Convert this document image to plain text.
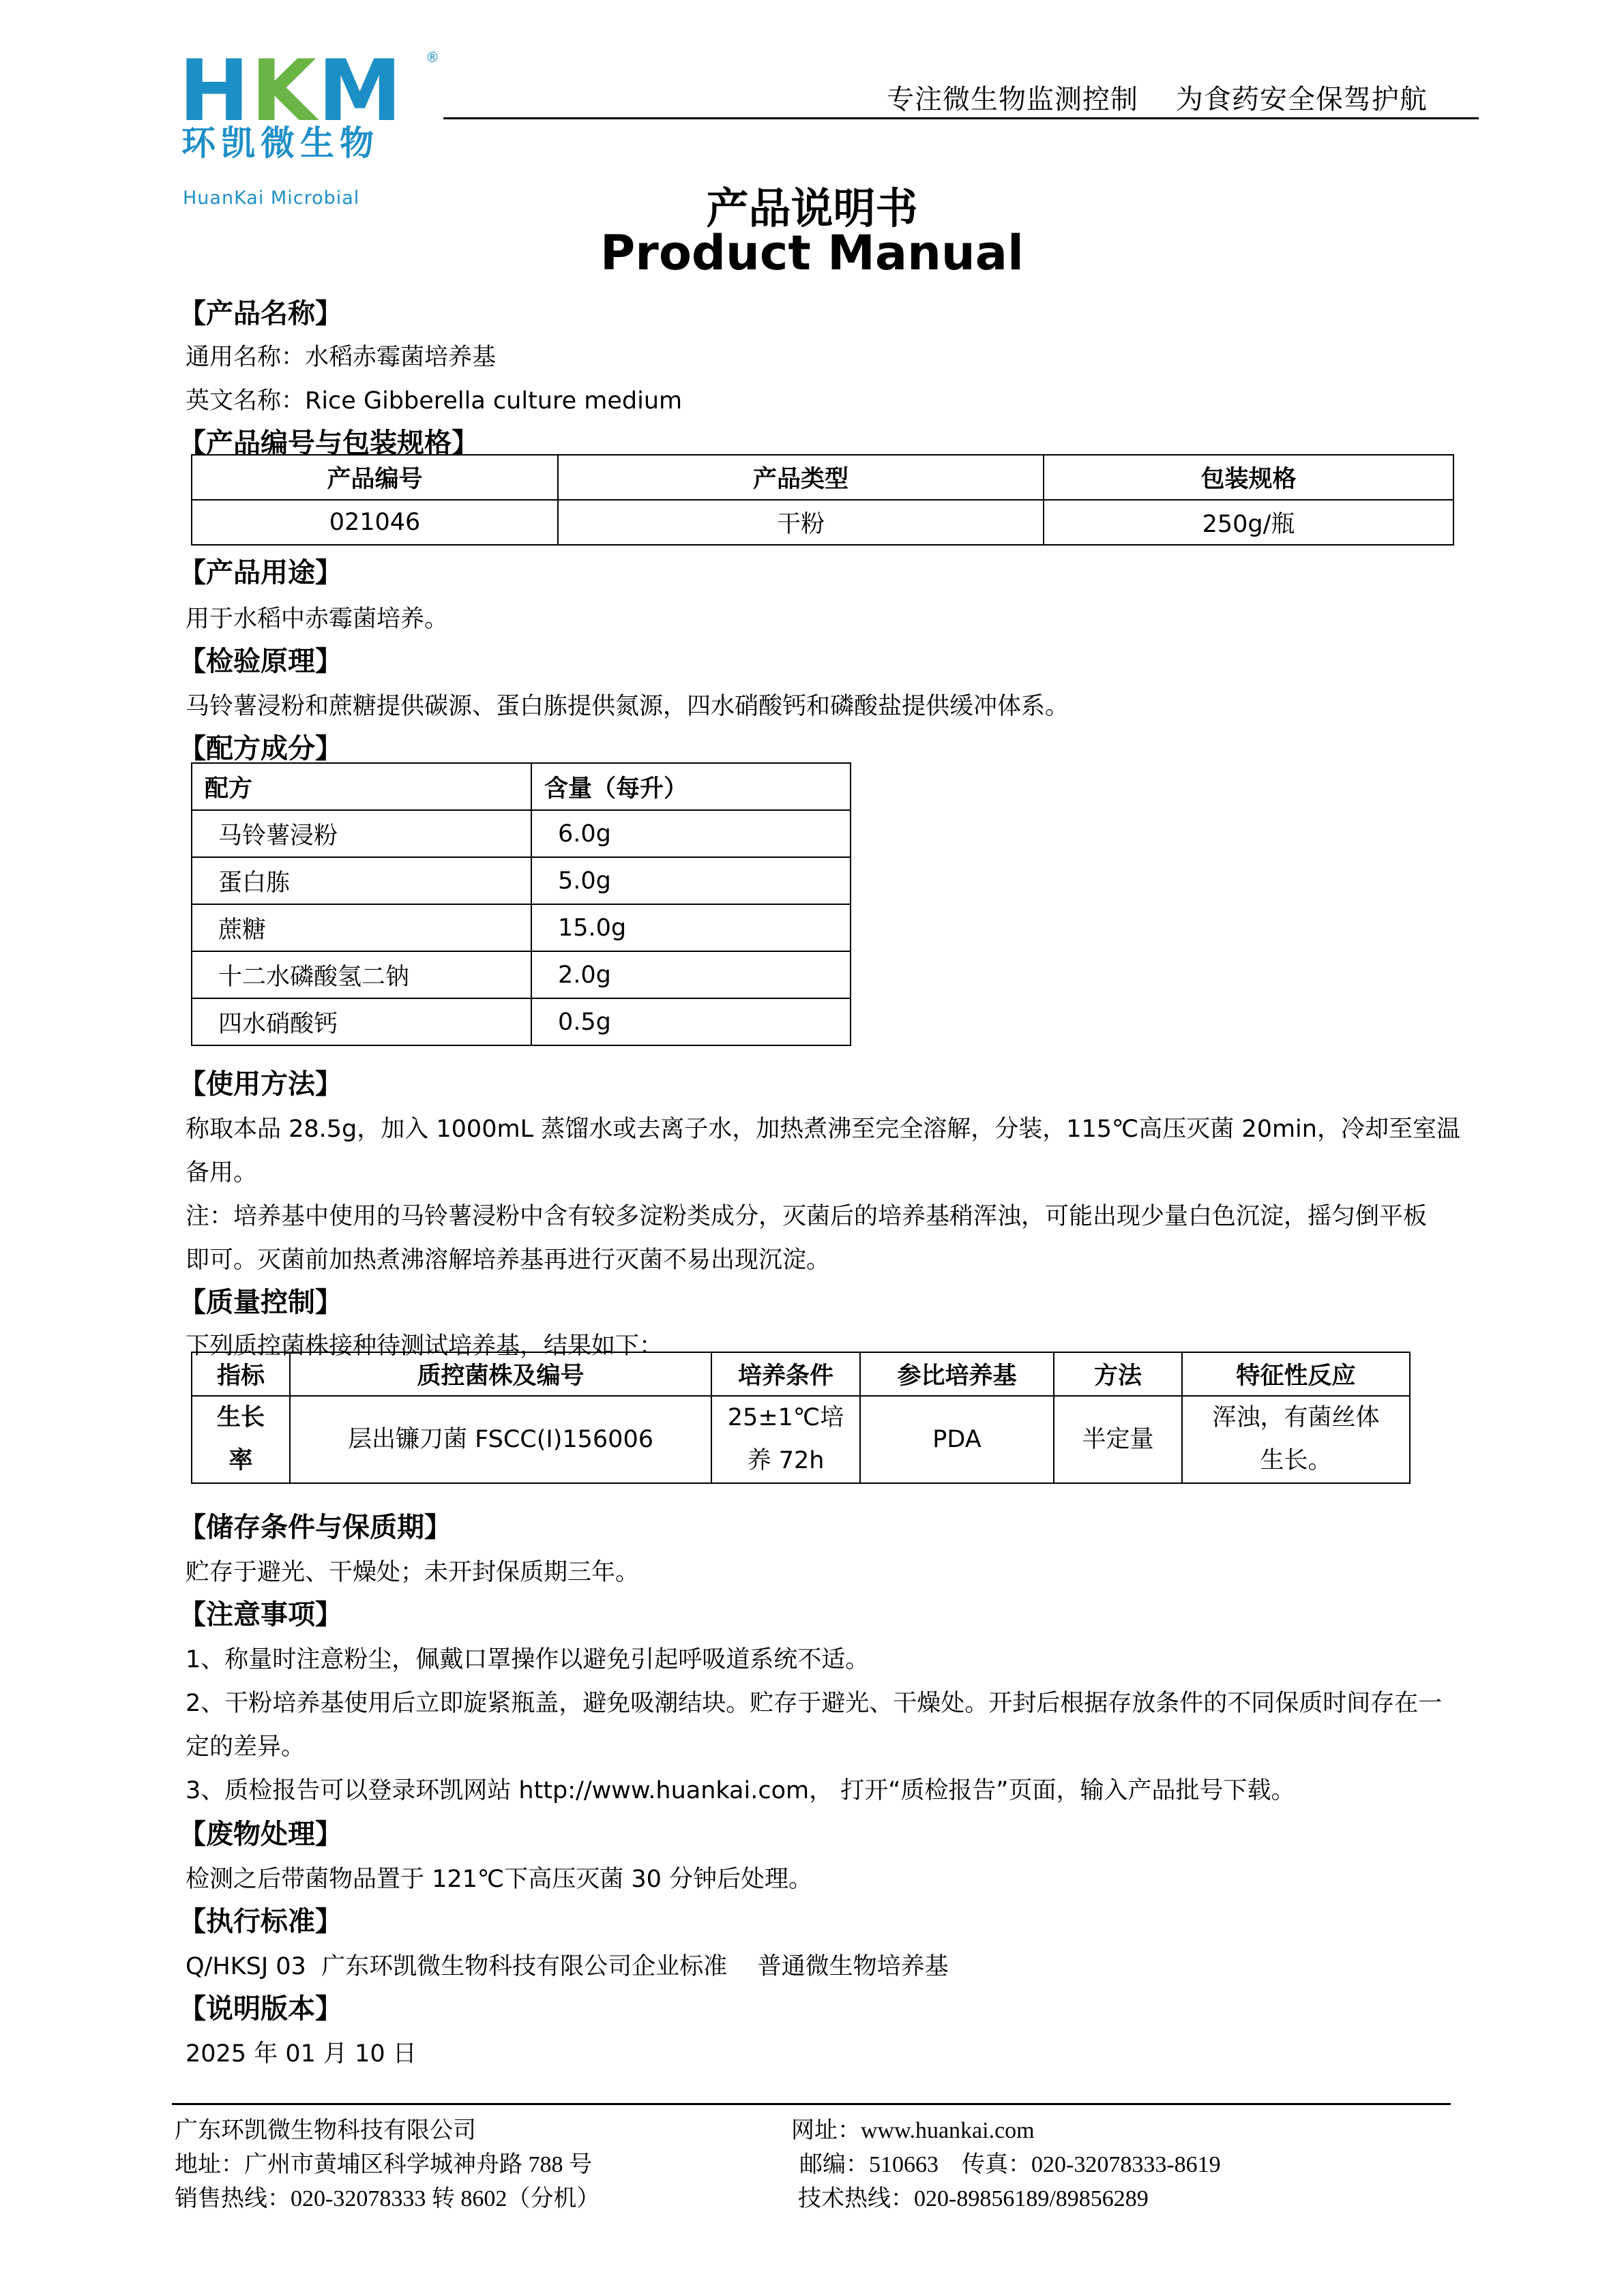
HKM ®
环凯微生物
HuanKai Microbial
专注微生物监测控制    为食药安全保驾护航
产品说明书
Product Manual
【产品名称】
通用名称：水稻赤霉菌培养基
英文名称：Rice Gibberella culture medium
【产品编号与包装规格】
产品编号	产品类型	包装规格
021046	干粉	250g/瓶
【产品用途】
用于水稻中赤霉菌培养。
【检验原理】
马铃薯浸粉和蔗糖提供碳源、蛋白胨提供氮源，四水硝酸钙和磷酸盐提供缓冲体系。
【配方成分】
配方	含量（每升）
马铃薯浸粉	6.0g
蛋白胨	5.0g
蔗糖	15.0g
十二水磷酸氢二钠	2.0g
四水硝酸钙	0.5g
【使用方法】
称取本品 28.5g，加入 1000mL 蒸馏水或去离子水，加热煮沸至完全溶解，分装，115℃高压灭菌 20min，冷却至室温
备用。
注：培养基中使用的马铃薯浸粉中含有较多淀粉类成分，灭菌后的培养基稍浑浊，可能出现少量白色沉淀，摇匀倒平板
即可。灭菌前加热煮沸溶解培养基再进行灭菌不易出现沉淀。
【质量控制】
下列质控菌株接种待测试培养基，结果如下：
指标	质控菌株及编号	培养条件	参比培养基	方法	特征性反应
生长率	层出镰刀菌 FSCC(I)156006	25±1℃培养 72h	PDA	半定量	浑浊，有菌丝体生长。
【储存条件与保质期】
贮存于避光、干燥处；未开封保质期三年。
【注意事项】
1、称量时注意粉尘，佩戴口罩操作以避免引起呼吸道系统不适。
2、干粉培养基使用后立即旋紧瓶盖，避免吸潮结块。贮存于避光、干燥处。开封后根据存放条件的不同保质时间存在一
定的差异。
3、质检报告可以登录环凯网站 http://www.huankai.com， 打开“质检报告”页面，输入产品批号下载。
【废物处理】
检测之后带菌物品置于 121℃下高压灭菌 30 分钟后处理。
【执行标准】
Q/HKSJ 03  广东环凯微生物科技有限公司企业标准    普通微生物培养基
【说明版本】
2025 年 01 月 10 日
广东环凯微生物科技有限公司
地址：广州市黄埔区科学城神舟路 788 号
销售热线：020-32078333 转 8602（分机）
网址：www.huankai.com
邮编：510663    传真：020-32078333-8619
技术热线：020-89856189/89856289
